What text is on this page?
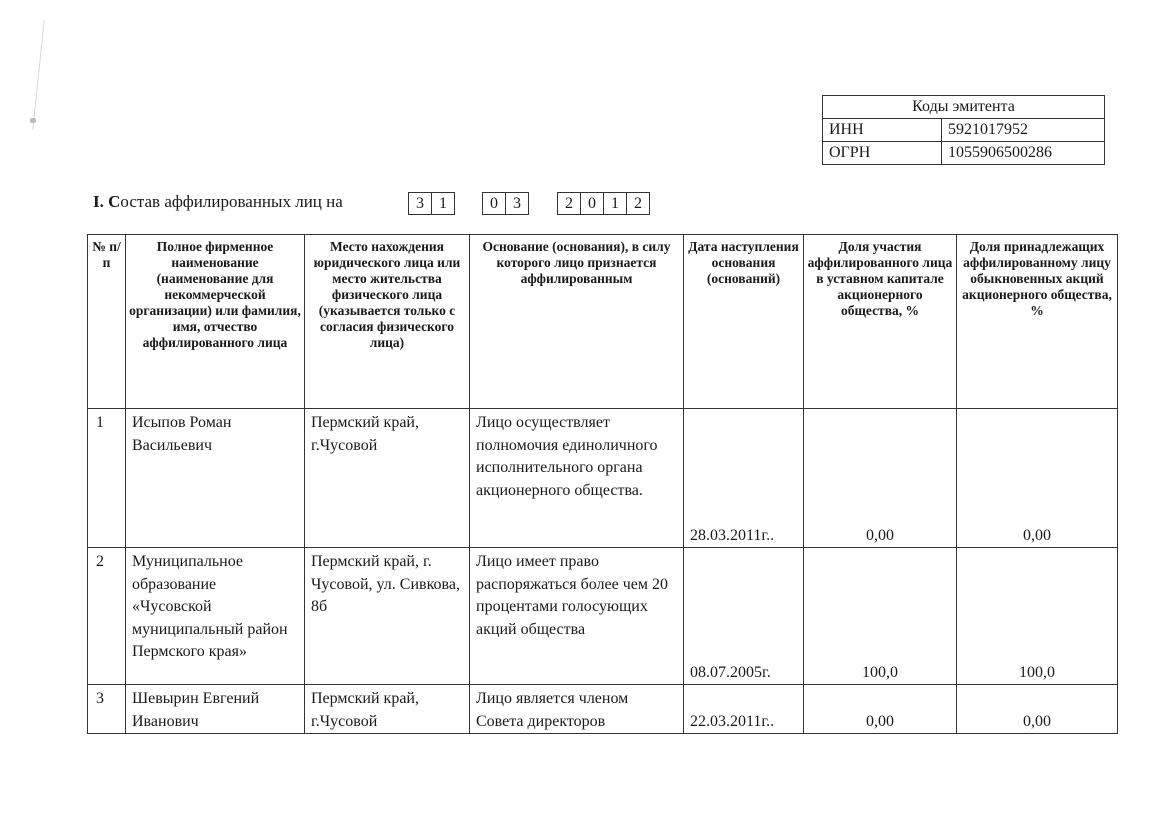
Коды эмитента	
ИНН	5921017952
ОГРН	1055906500286
I. Состав аффилированных лиц на	3 1	0 3	2 0 1 2
№ п/п	Полное фирменное наименование (наименование для некоммерческой организации) или фамилия, имя, отчество аффилированного лица	Место нахождения юридического лица или место жительства физического лица (указывается только с согласия физического лица)	Основание (основания), в силу которого лицо признается аффилированным	Дата наступления основания (оснований)	Доля участия аффилированного лица в уставном капитале акционерного общества, %	Доля принадлежащих аффилированному лицу обыкновенных акций акционерного общества, %
1	Исыпов Роман Васильевич	Пермский край, г.Чусовой	Лицо осуществляет полномочия единоличного исполнительного органа акционерного общества.	28.03.2011г..	0,00	0,00
2	Муниципальное образование «Чусовской муниципальный район Пермского края»	Пермский край, г. Чусовой, ул. Сивкова, 8б	Лицо имеет право распоряжаться более чем 20 процентами голосующих акций общества	08.07.2005г.	100,0	100,0
3	Шевырин Евгений Иванович	Пермский край, г.Чусовой	Лицо является членом Совета директоров	22.03.2011г..	0,00	0,00
